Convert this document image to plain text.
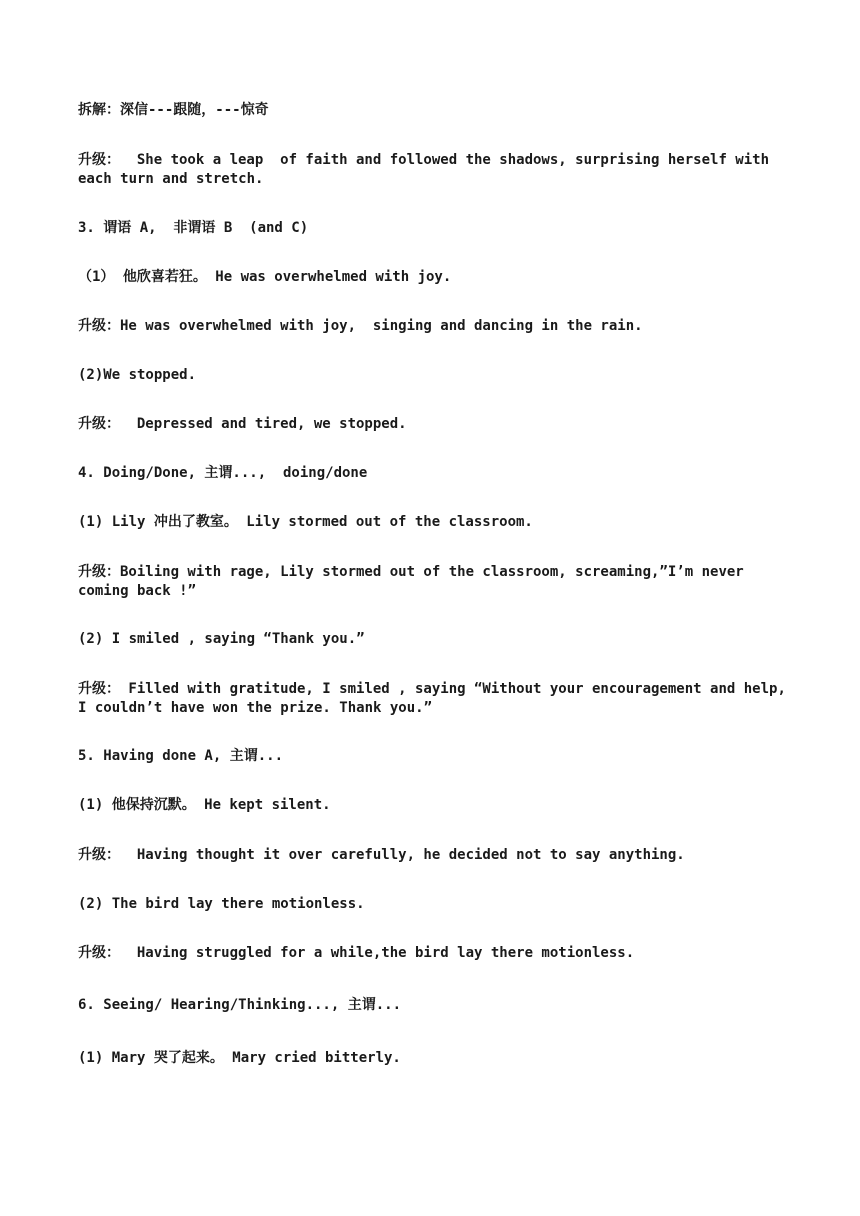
拆解：深信---跟随，---惊奇
升级：  She took a leap  of faith and followed the shadows, surprising herself with each turn and stretch.
3. 谓语 A,  非谓语 B  (and C)
（1） 他欣喜若狂。 He was overwhelmed with joy.
升级：He was overwhelmed with joy,  singing and dancing in the rain.
(2)We stopped.
升级：  Depressed and tired, we stopped.
4. Doing/Done, 主谓...,  doing/done
(1) Lily 冲出了教室。 Lily stormed out of the classroom.
升级：Boiling with rage, Lily stormed out of the classroom, screaming,”I’m never coming back !”
(2) I smiled , saying “Thank you.”
升级： Filled with gratitude, I smiled , saying “Without your encouragement and help, I couldn’t have won the prize. Thank you.”
5. Having done A, 主谓...
(1) 他保持沉默。 He kept silent.
升级：  Having thought it over carefully, he decided not to say anything.
(2) The bird lay there motionless.
升级：  Having struggled for a while,the bird lay there motionless.
6. Seeing/ Hearing/Thinking..., 主谓...
(1) Mary 哭了起来。 Mary cried bitterly.
